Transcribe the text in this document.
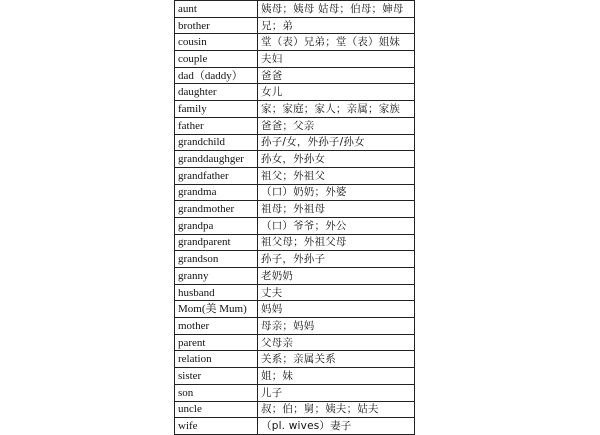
aunt	姨母；姨母 姑母；伯母；婶母
brother	兄；弟
cousin	堂（表）兄弟；堂（表）姐妹
couple	夫妇
dad（daddy）	爸爸
daughter	女儿
family	家；家庭；家人；亲属；家族
father	爸爸；父亲
grandchild	孙子/女，外孙子/孙女
granddaughger	孙女，外孙女
grandfather	祖父；外祖父
grandma	（口）奶奶；外婆
grandmother	祖母；外祖母
grandpa	（口）爷爷；外公
grandparent	祖父母；外祖父母
grandson	孙子，外孙子
granny	老奶奶
husband	丈夫
Mom(美 Mum)	妈妈
mother	母亲；妈妈
parent	父母亲
relation	关系；亲属关系
sister	姐；妹
son	儿子
uncle	叔；伯；舅；姨夫；姑夫
wife	（pl. wives）妻子
